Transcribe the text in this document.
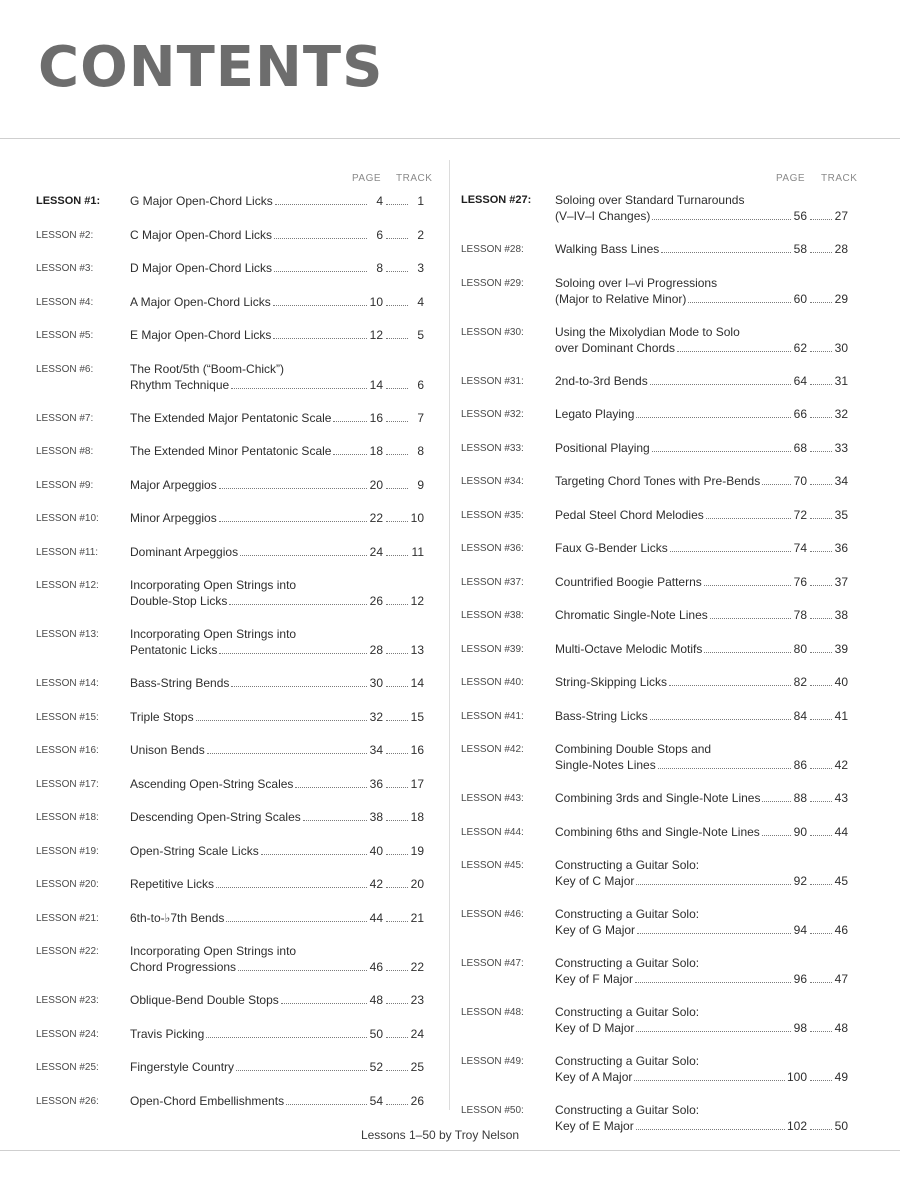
CONTENTS
PAGE TRACK
LESSON #1: G Major Open-Chord Licks	4	1
LESSON #2:	C Major Open-Chord Licks	6	2
LESSON #3:	D Major Open-Chord Licks	8	3
LESSON #4:	A Major Open-Chord Licks	10	4
LESSON #5:	E Major Open-Chord Licks	12	5
LESSON #6:	The Root/5th (“Boom-Chick”)
Rhythm Technique	14	6
LESSON #7:	The Extended Major Pentatonic Scale	16	7
LESSON #8:	The Extended Minor Pentatonic Scale	18	8
LESSON #9:	Major Arpeggios	20	9
LESSON #10:	Minor Arpeggios	22 10
LESSON #11:	Dominant Arpeggios	24 11
LESSON #12:	Incorporating Open Strings into
Double-Stop Licks	26 12
LESSON #13:	Incorporating Open Strings into
Pentatonic Licks	28 13
LESSON #14:	Bass-String Bends	30 14
LESSON #15:	Triple Stops	32 15
LESSON #16:	Unison Bends	34 16
LESSON #17:	Ascending Open-String Scales	36 17
LESSON #18:	Descending Open-String Scales	38 18
LESSON #19:	Open-String Scale Licks	40 19
LESSON #20:	Repetitive Licks	42 20
LESSON #21:	6th-to-♭7th Bends	44 21
LESSON #22:	Incorporating Open Strings into
Chord Progressions	46 22
LESSON #23:	Oblique-Bend Double Stops	48 23
LESSON #24:	Travis Picking	50 24
LESSON #25:	Fingerstyle Country	52 25
LESSON #26:	Open-Chord Embellishments	54 26
PAGE TRACK
LESSON #27: Soloing over Standard Turnarounds
(V–IV–I Changes)	56 27
LESSON #28:	Walking Bass Lines	58 28
LESSON #29:	Soloing over I–vi Progressions
(Major to Relative Minor)	60 29
LESSON #30:	Using the Mixolydian Mode to Solo
over Dominant Chords	62 30
LESSON #31:	2nd-to-3rd Bends	64 31
LESSON #32:	Legato Playing	66 32
LESSON #33:	Positional Playing	68 33
LESSON #34:	Targeting Chord Tones with Pre-Bends	70 34
LESSON #35:	Pedal Steel Chord Melodies	72 35
LESSON #36:	Faux G-Bender Licks	74 36
LESSON #37:	Countrified Boogie Patterns	76 37
LESSON #38:	Chromatic Single-Note Lines	78 38
LESSON #39:	Multi-Octave Melodic Motifs	80 39
LESSON #40:	String-Skipping Licks	82 40
LESSON #41:	Bass-String Licks	84 41
LESSON #42:	Combining Double Stops and
Single-Notes Lines	86 42
LESSON #43:	Combining 3rds and Single-Note Lines	88 43
LESSON #44:	Combining 6ths and Single-Note Lines	90 44
LESSON #45:	Constructing a Guitar Solo:
Key of C Major	92 45
LESSON #46:	Constructing a Guitar Solo:
Key of G Major	94 46
LESSON #47:	Constructing a Guitar Solo:
Key of F Major	96 47
LESSON #48:	Constructing a Guitar Solo:
Key of D Major	98 48
LESSON #49:	Constructing a Guitar Solo:
Key of A Major	100 49
LESSON #50:	Constructing a Guitar Solo:
Key of E Major	102 50
Lessons 1–50 by Troy Nelson
